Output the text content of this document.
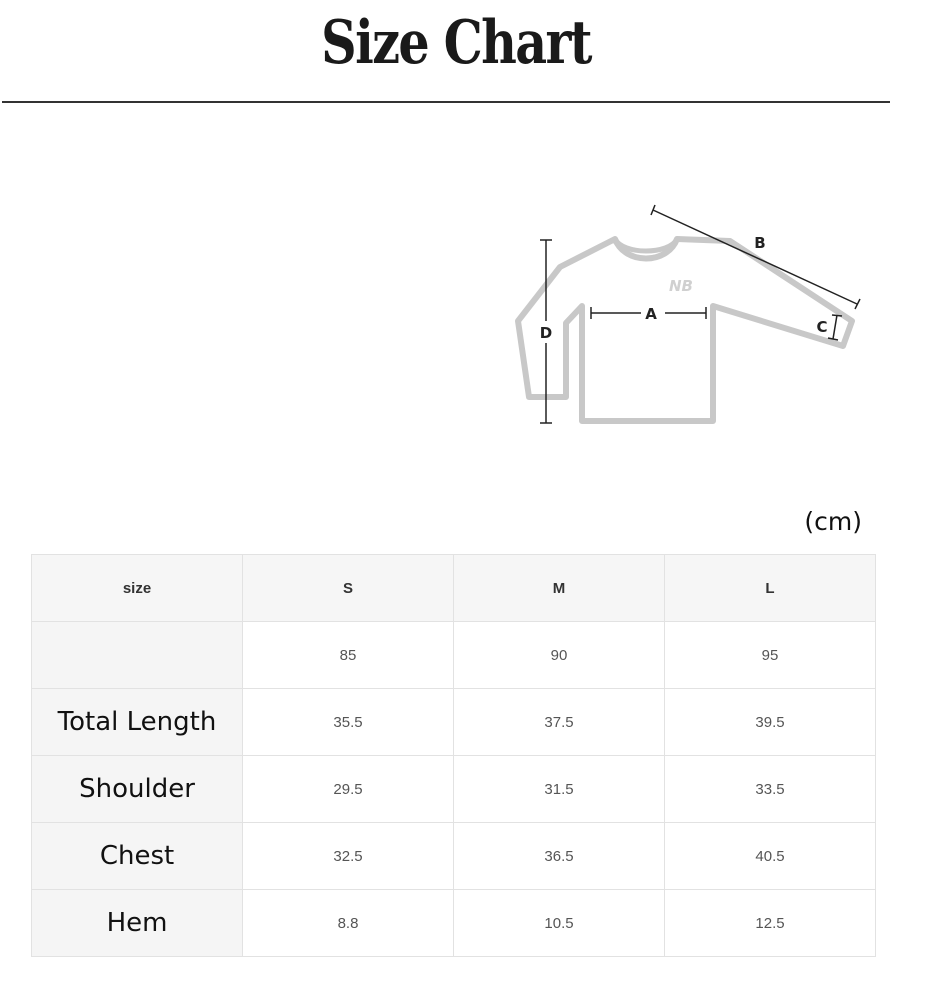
Size Chart
NB
A
B
C
D
(cm)
size	S	M	L
	85	90	95
Total Length	35.5	37.5	39.5
Shoulder	29.5	31.5	33.5
Chest	32.5	36.5	40.5
Hem	8.8	10.5	12.5
